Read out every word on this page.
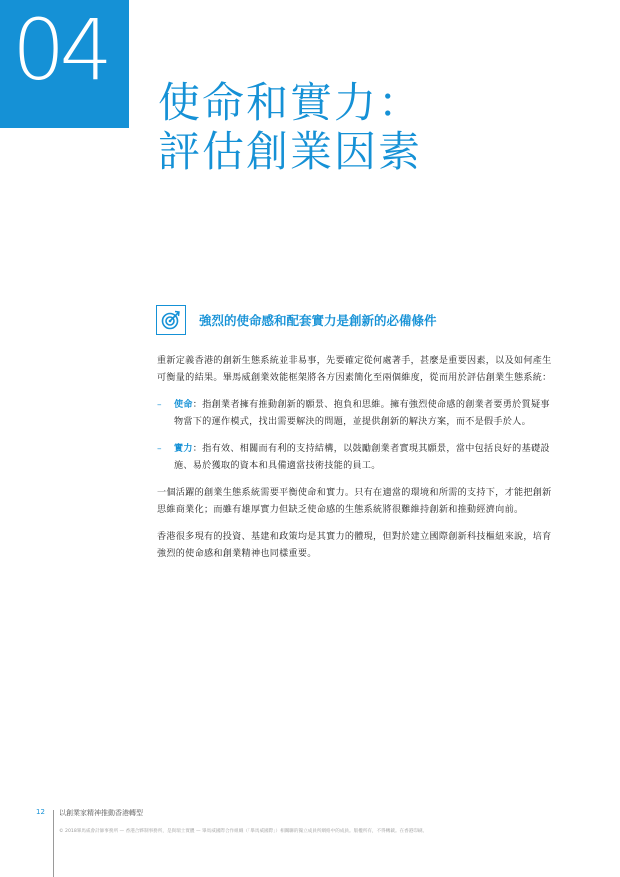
04
使命和實力：
評估創業因素
強烈的使命感和配套實力是創新的必備條件

重新定義香港的創新生態系統並非易事，先要確定從何處著手，甚麼是重要因素，以及如何產生可衡量的結果。畢馬威創業效能框架將各方因素簡化至兩個維度，從而用於評估創業生態系統：

– 使命：指創業者擁有推動創新的願景、抱負和思維。擁有強烈使命感的創業者要勇於質疑事物當下的運作模式，找出需要解決的問題，並提供創新的解決方案，而不是假手於人。
– 實力：指有效、相關而有利的支持結構，以鼓勵創業者實現其願景，當中包括良好的基礎設施、易於獲取的資本和具備適當技術技能的員工。

一個活躍的創業生態系統需要平衡使命和實力。只有在適當的環境和所需的支持下，才能把創新思維商業化；而雖有雄厚實力但缺乏使命感的生態系統將很難維持創新和推動經濟向前。

香港很多現有的投資、基建和政策均是其實力的體現，但對於建立國際創新科技樞紐來說，培育強烈的使命感和創業精神也同樣重要。

12 以創業家精神推動香港轉型
© 2018畢馬威會計師事務所 — 香港合夥制事務所，是與瑞士實體 — 畢馬威國際合作組織（「畢馬威國際」）相關聯的獨立成員所網絡中的成員。版權所有，不得轉載。在香港印刷。
